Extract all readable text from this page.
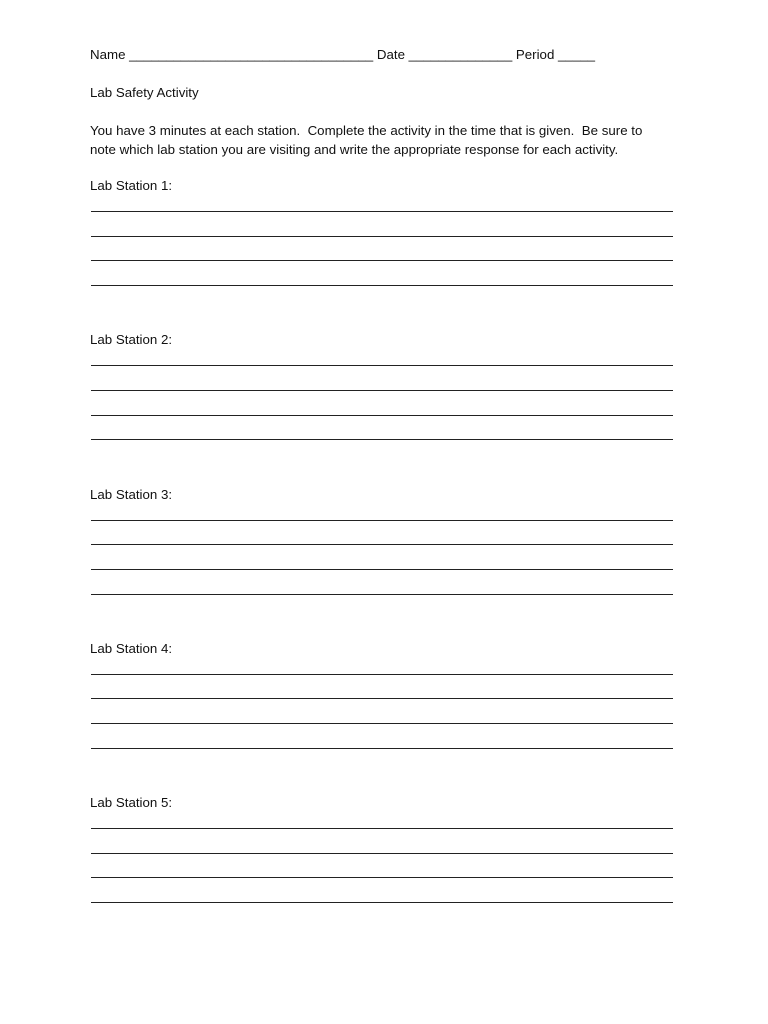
Name _________________________________ Date ______________ Period _____
Lab Safety Activity
You have 3 minutes at each station.  Complete the activity in the time that is given.  Be sure to
note which lab station you are visiting and write the appropriate response for each activity.
Lab Station 1:
Lab Station 2:
Lab Station 3:
Lab Station 4:
Lab Station 5:
